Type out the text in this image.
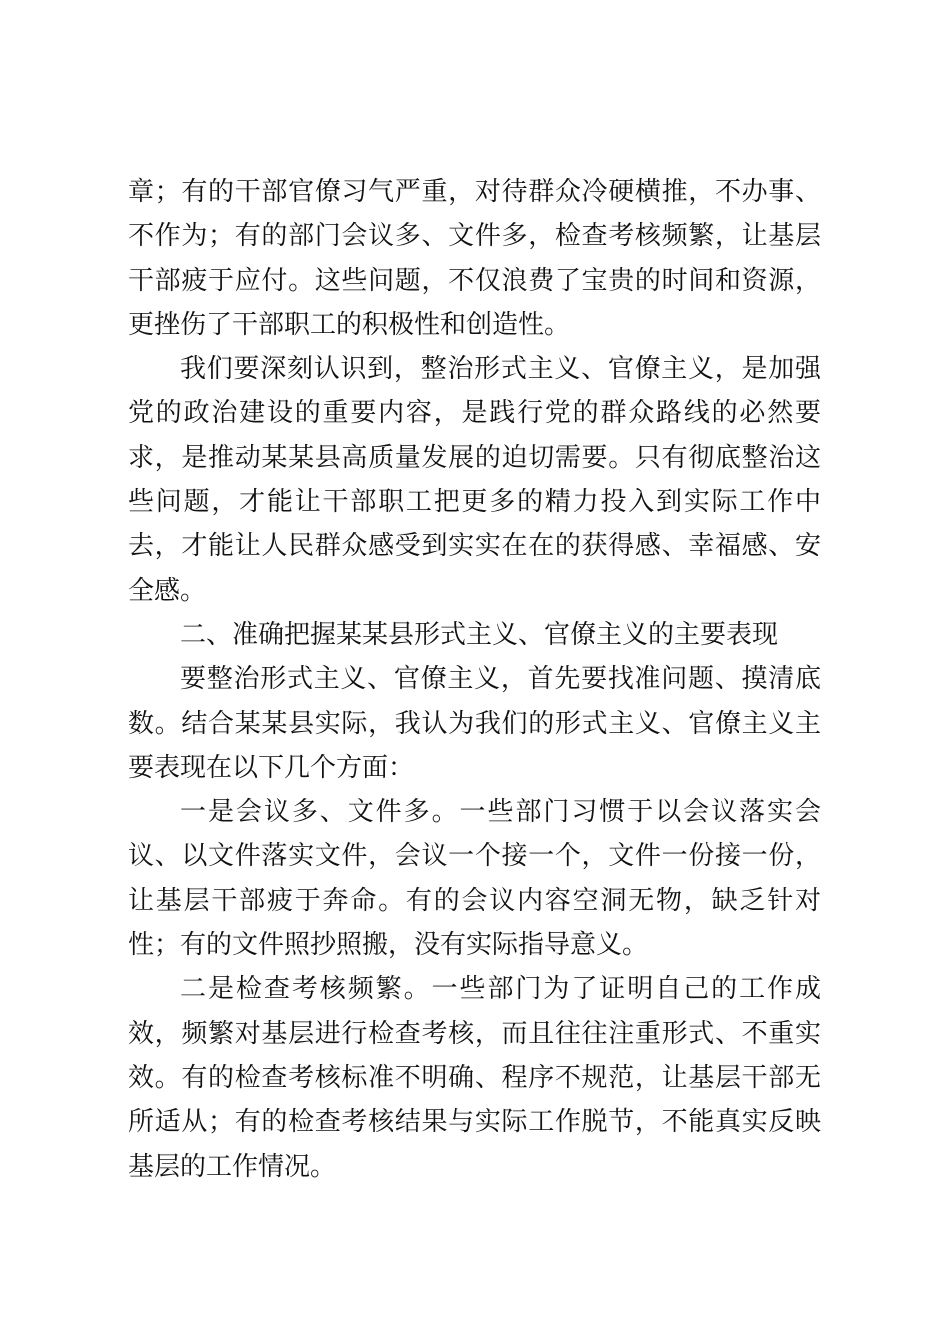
章；有的干部官僚习气严重，对待群众冷硬横推，不办事、不作为；有的部门会议多、文件多，检查考核频繁，让基层干部疲于应付。这些问题，不仅浪费了宝贵的时间和资源，更挫伤了干部职工的积极性和创造性。

我们要深刻认识到，整治形式主义、官僚主义，是加强党的政治建设的重要内容，是践行党的群众路线的必然要求，是推动某某县高质量发展的迫切需要。只有彻底整治这些问题，才能让干部职工把更多的精力投入到实际工作中去，才能让人民群众感受到实实在在的获得感、幸福感、安全感。

二、准确把握某某县形式主义、官僚主义的主要表现

要整治形式主义、官僚主义，首先要找准问题、摸清底数。结合某某县实际，我认为我们的形式主义、官僚主义主要表现在以下几个方面：

一是会议多、文件多。一些部门习惯于以会议落实会议、以文件落实文件，会议一个接一个，文件一份接一份，让基层干部疲于奔命。有的会议内容空洞无物，缺乏针对性；有的文件照抄照搬，没有实际指导意义。

二是检查考核频繁。一些部门为了证明自己的工作成效，频繁对基层进行检查考核，而且往往注重形式、不重实效。有的检查考核标准不明确、程序不规范，让基层干部无所适从；有的检查考核结果与实际工作脱节，不能真实反映基层的工作情况。
